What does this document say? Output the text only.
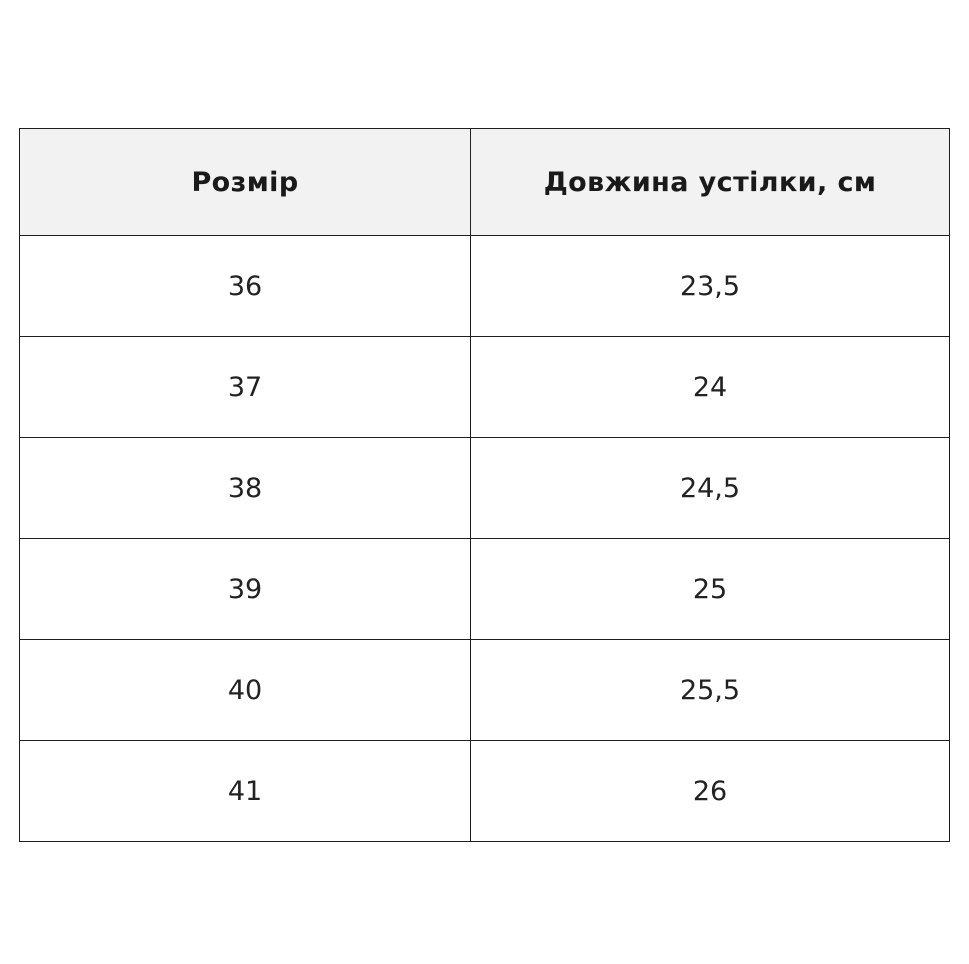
Розмір	Довжина устілки, см
36	23,5
37	24
38	24,5
39	25
40	25,5
41	26
